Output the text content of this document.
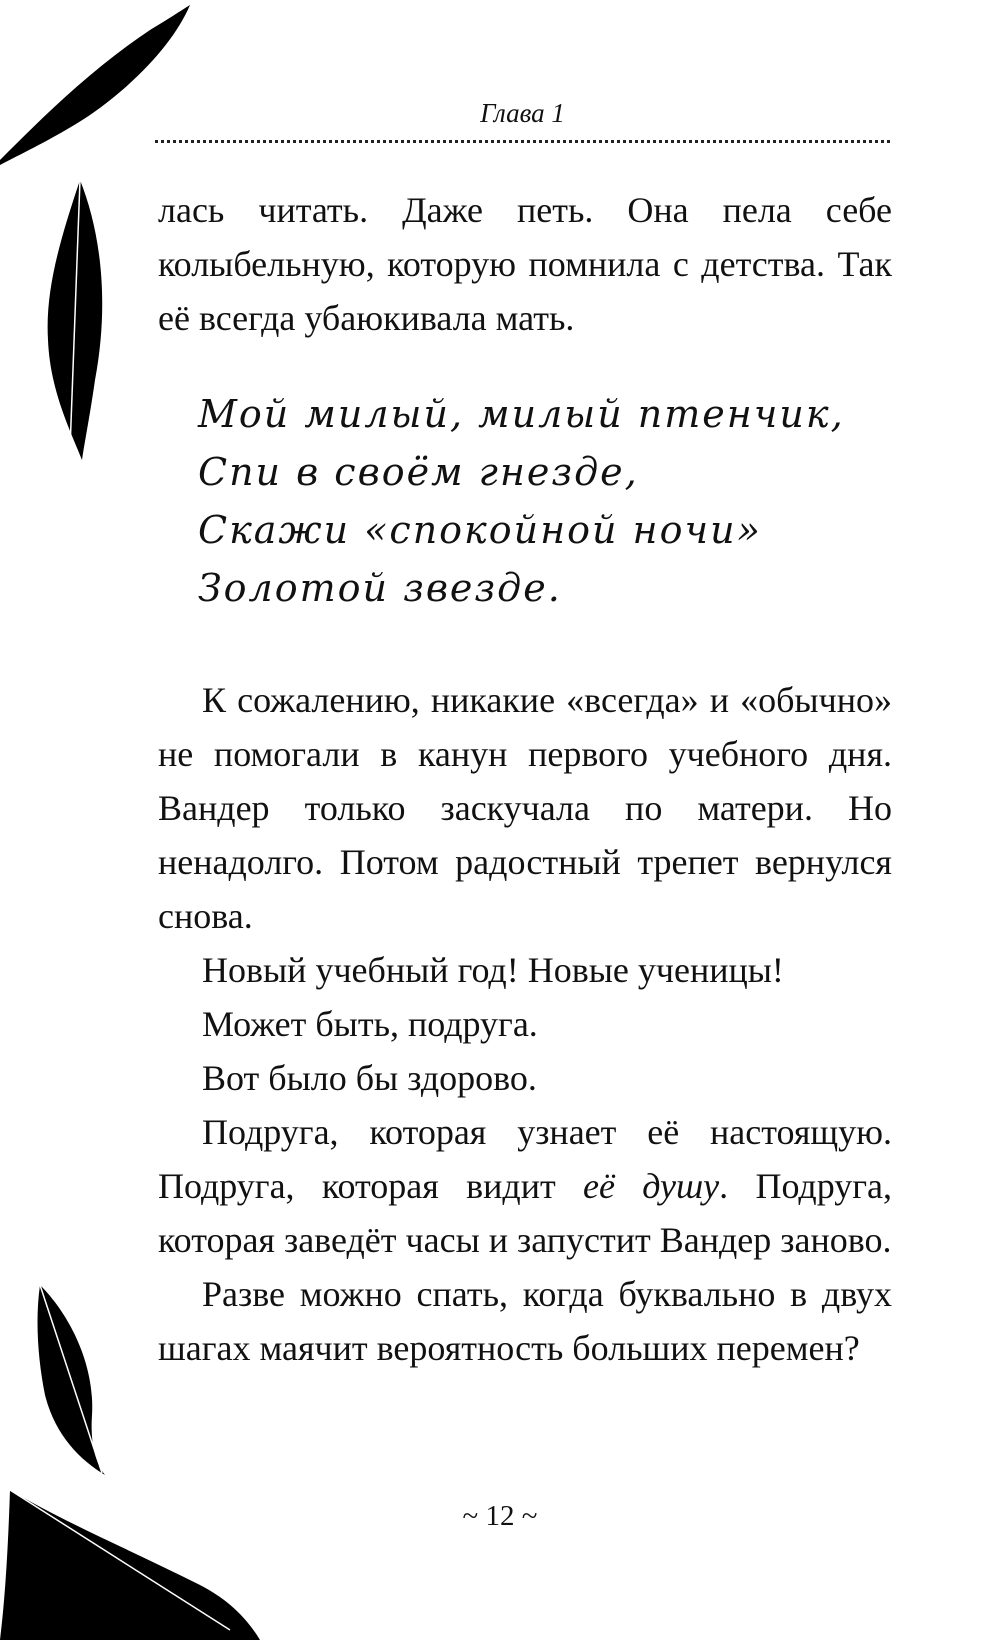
Глава 1

лась читать. Даже петь. Она пела себе колыбельную, которую помнила с детства. Так её всегда убаюкивала мать.

Мой милый, милый птенчик,
Спи в своём гнезде,
Скажи «спокойной ночи»
Золотой звезде.

К сожалению, никакие «всегда» и «обычно» не помогали в канун первого учебного дня. Вандер только заскучала по матери. Но ненадолго. Потом радостный трепет вернулся снова.

Новый учебный год! Новые ученицы!

Может быть, подруга.

Вот было бы здорово.

Подруга, которая узнает её настоящую. Подруга, которая видит её душу. Подруга, которая заведёт часы и запустит Вандер заново.

Разве можно спать, когда буквально в двух шагах маячит вероятность больших перемен?

~ 12 ~
